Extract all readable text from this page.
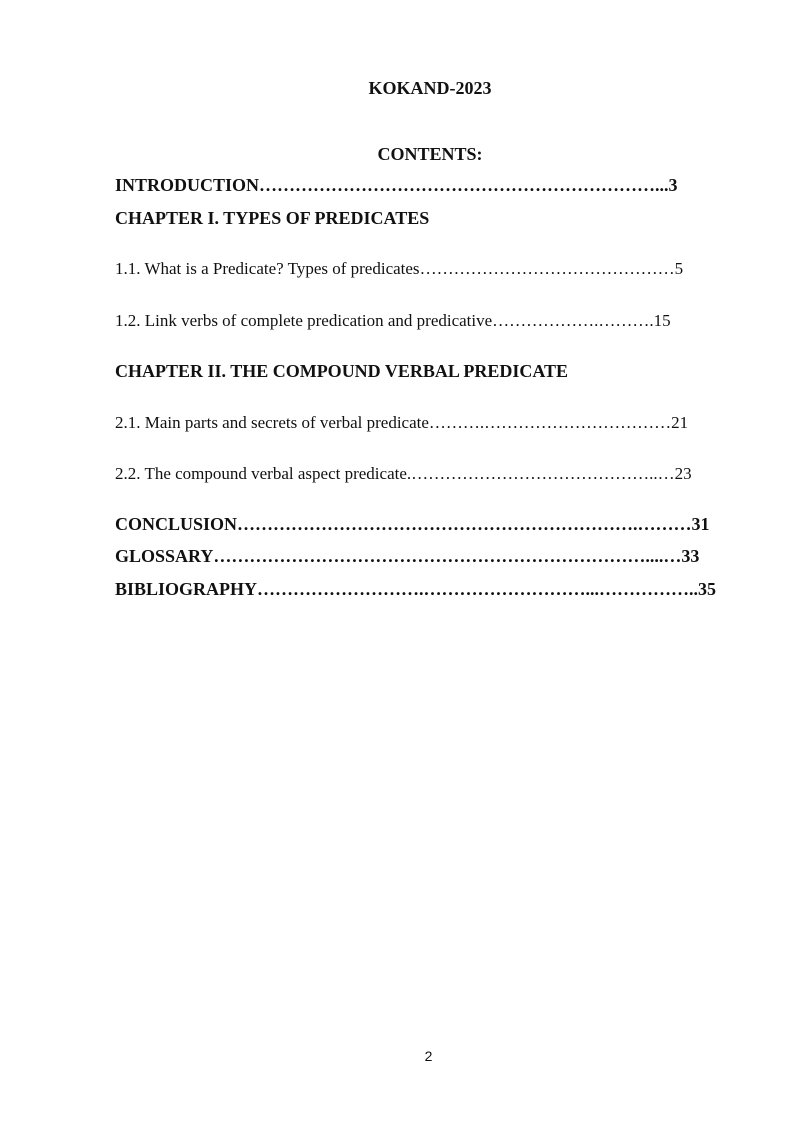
KOKAND-2023
CONTENTS:
INTRODUCTION…………………………………………………………...3
CHAPTER I. TYPES OF PREDICATES
1.1. What is a Predicate? Types of predicates………………………………………5
1.2. Link verbs of complete predication and predicative……………….……….15
CHAPTER II. THE COMPOUND VERBAL PREDICATE
2.1. Main parts and secrets of verbal predicate……….……………………………21
2.2. The compound verbal aspect predicate.……………………………………..…23
CONCLUSION………………………………………………………….………31
GLOSSARY………………………………………………………………....…33
BIBLIOGRAPHY……………………….………………………...……………..35
2
